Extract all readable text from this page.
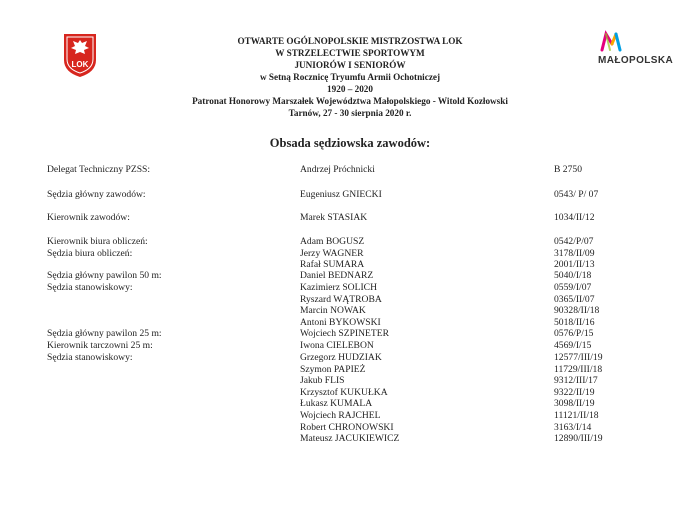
LOK	MAŁOPOLSKA
OTWARTE OGÓLNOPOLSKIE MISTRZOSTWA LOK
W STRZELECTWIE SPORTOWYM
JUNIORÓW I SENIORÓW
w Setną Rocznicę Tryumfu Armii Ochotniczej
1920 – 2020
Patronat Honorowy Marszałek Województwa Małopolskiego - Witold Kozłowski
Tarnów, 27 - 30 sierpnia 2020 r.
Obsada sędziowska zawodów:
Delegat Techniczny PZSS:	Andrzej Próchnicki	B 2750
Sędzia główny zawodów:	Eugeniusz GNIECKI	0543/ P/ 07
Kierownik zawodów:	Marek STASIAK	1034/II/12
Kierownik biura obliczeń:	Adam BOGUSZ	0542/P/07
Sędzia biura obliczeń:	Jerzy WAGNER	3178/II/09
Rafał SUMARA	2001/II/13
Sędzia główny pawilon 50 m:	Daniel BEDNARZ	5040/I/18
Sędzia stanowiskowy:	Kazimierz SOLICH	0559/I/07
Ryszard WĄTROBA	0365/II/07
Marcin NOWAK	90328/II/18
Antoni BYKOWSKI	5018/II/16
Sędzia główny pawilon 25 m:	Wojciech SZPINETER	0576/P/15
Kierownik tarczowni 25 m:	Iwona CIELEBON	4569/I/15
Sędzia stanowiskowy:	Grzegorz HUDZIAK	12577/III/19
Szymon PAPIEŻ	11729/III/18
Jakub FLIS	9312/III/17
Krzysztof KUKUŁKA	9322/II/19
Łukasz KUMALA	3098/II/19
Wojciech RAJCHEL	11121/II/18
Robert CHRONOWSKI	3163/I/14
Mateusz JACUKIEWICZ	12890/III/19
